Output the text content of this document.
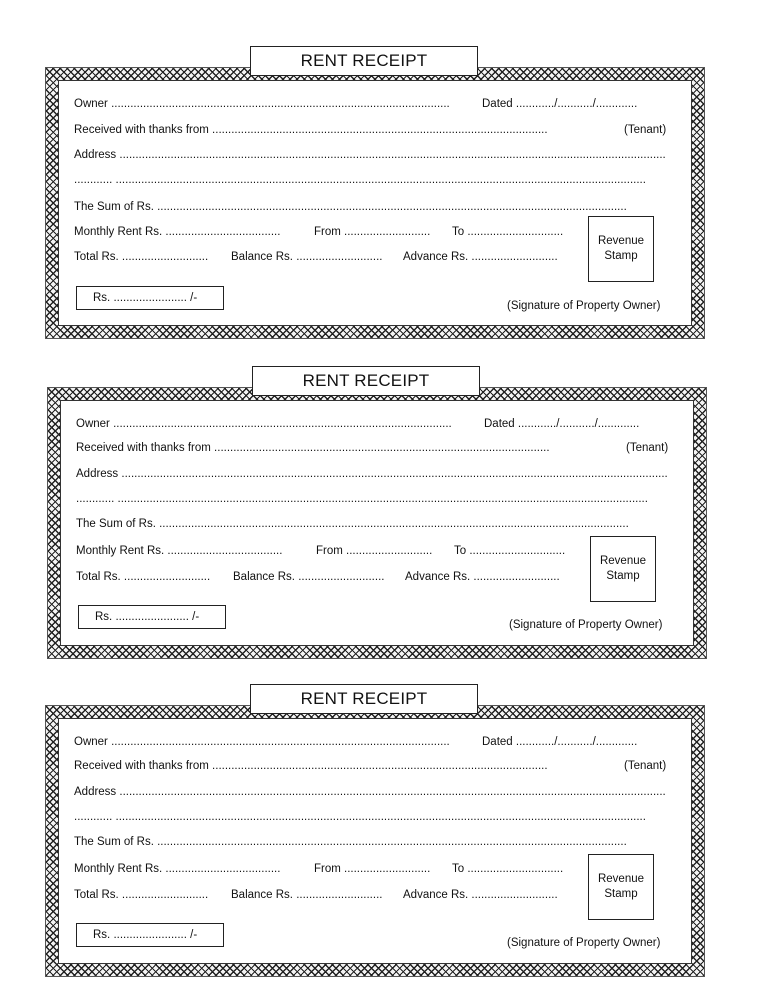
RENT RECEIPT
Owner ..........................................................................................................	Dated ............/.........../.............
Received with thanks from .........................................................................................................	(Tenant)
Address ...........................................................................................................................................................................
............ ......................................................................................................................................................................
The Sum of Rs. ...................................................................................................................................................
Monthly Rent Rs. ....................................	From ...........................	To ..............................
Total Rs. ...........................	Balance Rs. ...........................	Advance Rs. ...........................
Revenue
Stamp
Rs. ....................... /-
(Signature of Property Owner)
RENT RECEIPT
Owner ..........................................................................................................	Dated ............/.........../.............
Received with thanks from .........................................................................................................	(Tenant)
Address ...........................................................................................................................................................................
............ ......................................................................................................................................................................
The Sum of Rs. ...................................................................................................................................................
Monthly Rent Rs. ....................................	From ...........................	To ..............................
Total Rs. ...........................	Balance Rs. ...........................	Advance Rs. ...........................
Revenue
Stamp
Rs. ....................... /-
(Signature of Property Owner)
RENT RECEIPT
Owner ..........................................................................................................	Dated ............/.........../.............
Received with thanks from .........................................................................................................	(Tenant)
Address ...........................................................................................................................................................................
............ ......................................................................................................................................................................
The Sum of Rs. ...................................................................................................................................................
Monthly Rent Rs. ....................................	From ...........................	To ..............................
Total Rs. ...........................	Balance Rs. ...........................	Advance Rs. ...........................
Revenue
Stamp
Rs. ....................... /-
(Signature of Property Owner)
